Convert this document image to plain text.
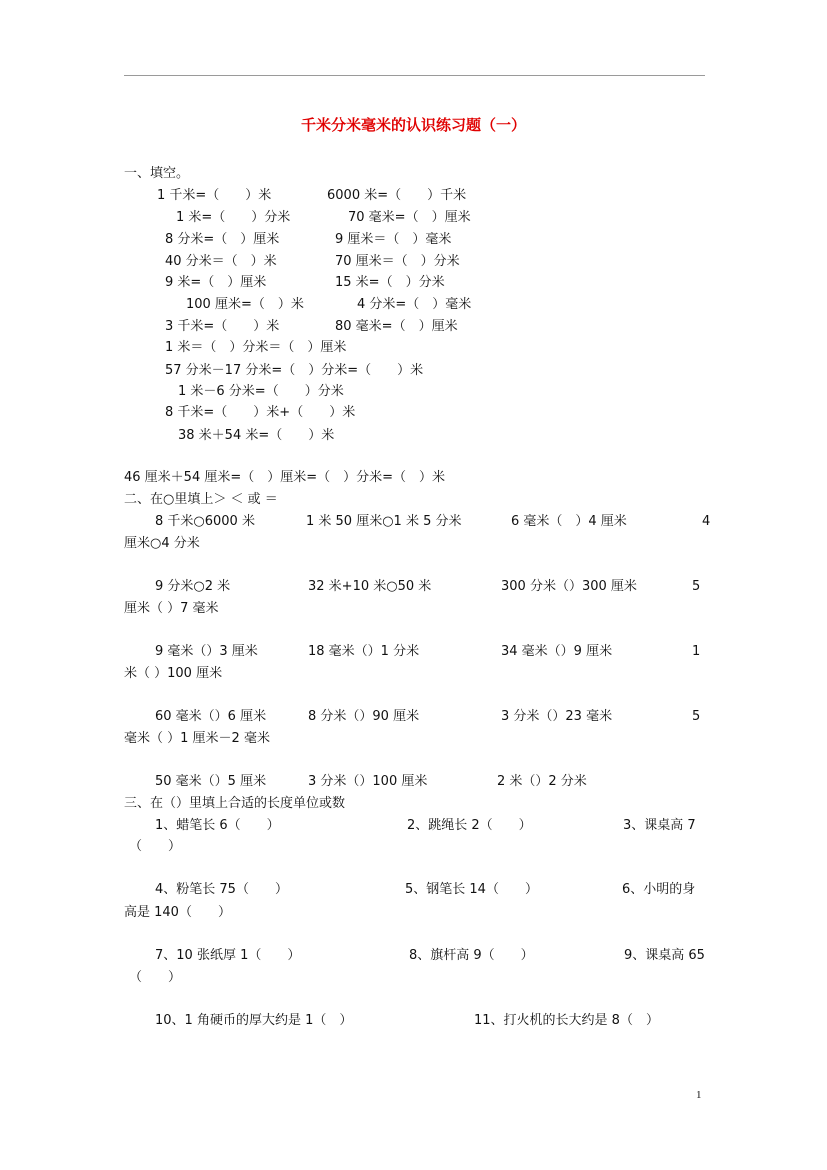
千米分米毫米的认识练习题（一）
一、填空。
1 千米=（　　）米	6000 米=（　　）千米
1 米=（　　）分米	70 毫米=（　）厘米
8 分米=（　）厘米	9 厘米＝（　）毫米
40 分米＝（　）米	70 厘米＝（　）分米
9 米=（　）厘米	15 米=（　）分米
100 厘米=（　）米	4 分米=（　）毫米
3 千米=（　　）米	80 毫米=（　）厘米
1 米＝（　）分米＝（　）厘米
57 分米－17 分米=（　）分米=（　　）米
1 米－6 分米=（　　）分米
8 千米=（　　）米+（　　）米
38 米＋54 米=（　　）米
46 厘米＋54 厘米=（　）厘米=（　）分米=（　）米
二、在○里填上＞ ＜ 或 ＝
8 千米○6000 米	1 米 50 厘米○1 米 5 分米	6 毫米（　）4 厘米	4
厘米○4 分米
9 分米○2 米	32 米+10 米○50 米	300 分米（）300 厘米	5
厘米（ ）7 毫米
9 毫米（）3 厘米	18 毫米（）1 分米	34 毫米（）9 厘米	1
米（ ）100 厘米
60 毫米（）6 厘米	8 分米（）90 厘米	3 分米（）23 毫米	5
毫米（ ）1 厘米－2 毫米
50 毫米（）5 厘米	3 分米（）100 厘米	2 米（）2 分米
三、在（）里填上合适的长度单位或数
1、蜡笔长 6（　　）	2、跳绳长 2（　　）	3、课桌高 7
（　　）
4、粉笔长 75（　　）	5、钢笔长 14（　　）	6、小明的身
高是 140（　　）
7、10 张纸厚 1（　　）	8、旗杆高 9（　　）	9、课桌高 65
（　　）
10、1 角硬币的厚大约是 1（　）	11、打火机的长大约是 8（　）
1
